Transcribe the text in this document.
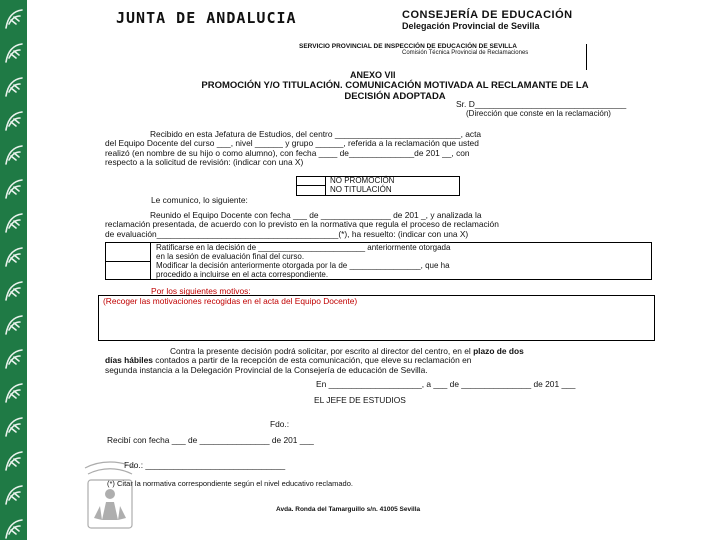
JUNTA DE ANDALUCIA	CONSEJERÍA DE EDUCACIÓN
Delegación Provincial de Sevilla
SERVICIO PROVINCIAL DE INSPECCIÓN DE EDUCACIÓN DE SEVILLA
Comisión Técnica Provincial de Reclamaciones
ANEXO VII
PROMOCIÓN Y/O TITULACIÓN. COMUNICACIÓN MOTIVADA AL RECLAMANTE DE LA
DECISIÓN ADOPTADA
Sr. D________________________________
(Dirección que conste en la reclamación)
Recibido en esta Jefatura de Estudios, del centro ___________________________, acta
del Equipo Docente del curso ___, nivel ______ y grupo ______, referida a la reclamación que usted
realizó (en nombre de su hijo o como alumno), con fecha ____ de______________de 201 __, con
respecto a la solicitud de revisión: (indicar con una X)
NO PROMOCIÓN
NO TITULACIÓN
Le comunico, lo siguiente:
Reunido el Equipo Docente con fecha ___ de _______________ de 201 _, y analizada la
reclamación presentada, de acuerdo con lo previsto en la normativa que regula el proceso de reclamación
de evaluación_______________________________________(*), ha resuelto: (indicar con una X)
Ratificarse en la decisión de ________________________ anteriormente otorgada
en la sesión de evaluación final del curso.
Modificar la decisión anteriormente otorgada por la de ________________, que ha
procedido a incluirse en el acta correspondiente.
Por los siguientes motivos:
(Recoger las motivaciones recogidas en el acta del Equipo Docente)
Contra la presente decisión podrá solicitar, por escrito al director del centro, en el plazo de dos
días hábiles contados a partir de la recepción de esta comunicación, que eleve su reclamación en
segunda instancia a la Delegación Provincial de la Consejería de educación de Sevilla.
En ____________________, a ___ de _______________ de 201 ___
EL JEFE DE ESTUDIOS
Fdo.:
Recibí con fecha ___ de _______________ de 201 ___
Fdo.: ______________________________
(*) Citar la normativa correspondiente según el nivel educativo reclamado.
Avda. Ronda del Tamarguillo s/n. 41005 Sevilla
